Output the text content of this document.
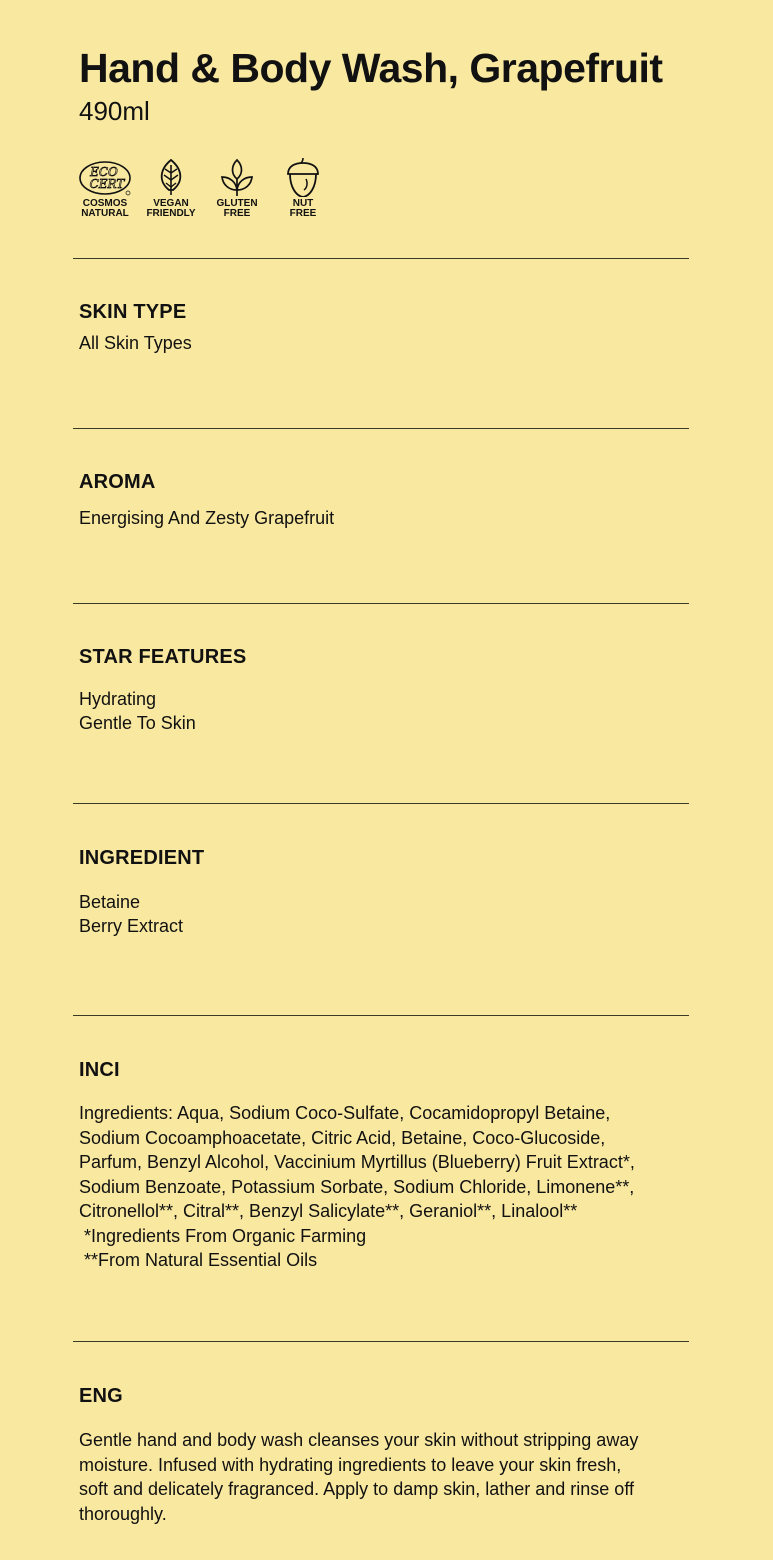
Hand & Body Wash, Grapefruit
490ml
ECO
CERT
COSMOS
NATURAL
VEGAN
FRIENDLY
GLUTEN
FREE
NUT
FREE
SKIN TYPE
All Skin Types
AROMA
Energising And Zesty Grapefruit
STAR FEATURES
Hydrating
Gentle To Skin
INGREDIENT
Betaine
Berry Extract
INCI
Ingredients: Aqua, Sodium Coco-Sulfate, Cocamidopropyl Betaine,
Sodium Cocoamphoacetate, Citric Acid, Betaine, Coco-Glucoside,
Parfum, Benzyl Alcohol, Vaccinium Myrtillus (Blueberry) Fruit Extract*,
Sodium Benzoate, Potassium Sorbate, Sodium Chloride, Limonene**,
Citronellol**, Citral**, Benzyl Salicylate**, Geraniol**, Linalool**
*Ingredients From Organic Farming
**From Natural Essential Oils
ENG
Gentle hand and body wash cleanses your skin without stripping away
moisture. Infused with hydrating ingredients to leave your skin fresh,
soft and delicately fragranced. Apply to damp skin, lather and rinse off
thoroughly.
